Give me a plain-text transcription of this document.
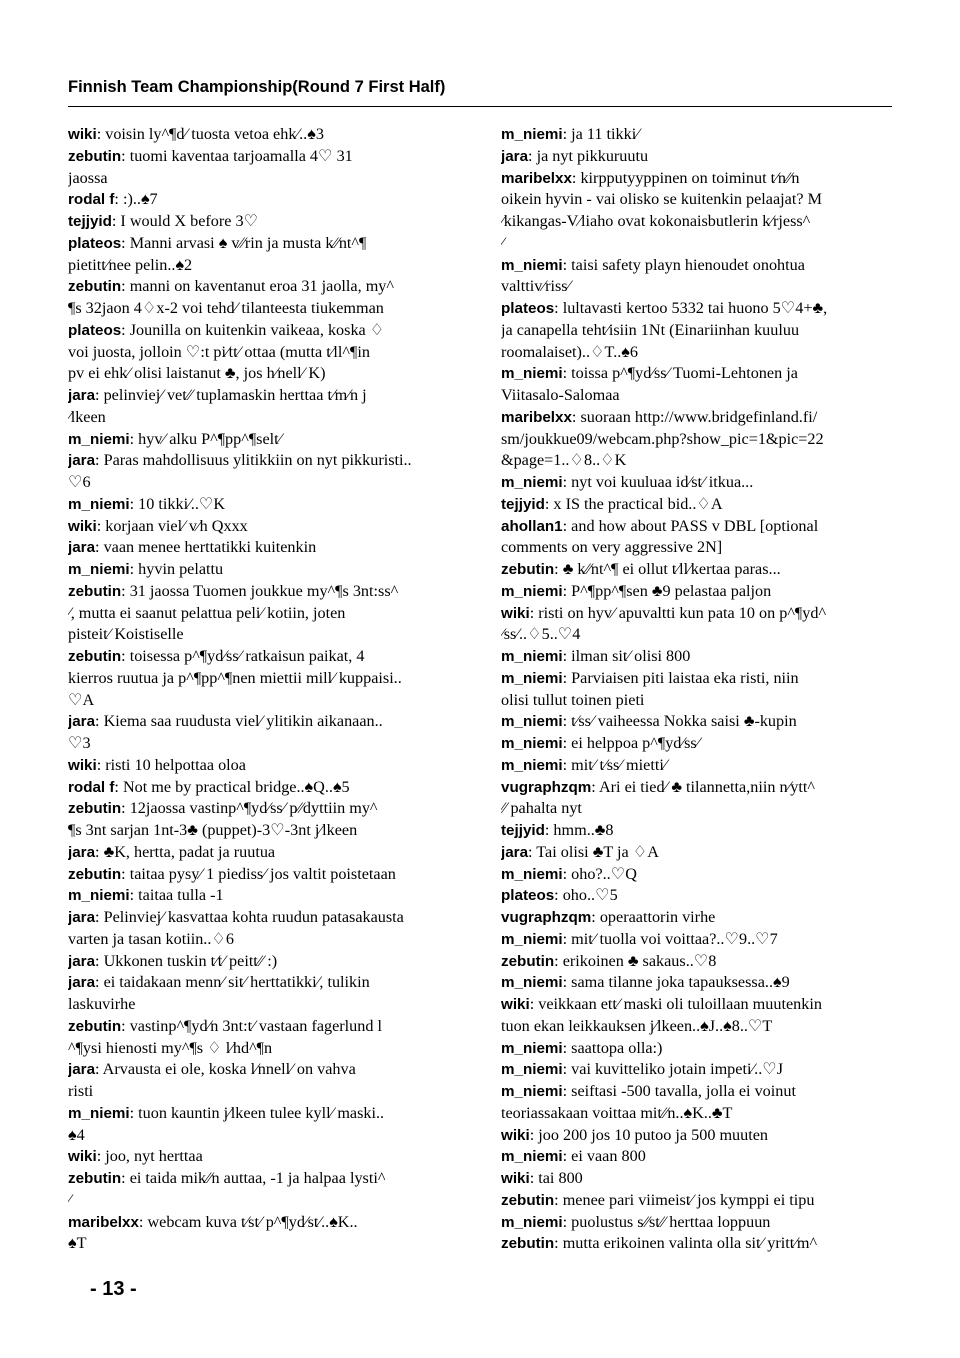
Finnish Team Championship(Round 7 First Half)
wiki: voisin ly^¶d⁄ tuosta vetoa ehk⁄..♠3
zebutin: tuomi kaventaa tarjoamalla 4♡ 31
jaossa
rodal f: :)..♠7
tejjyid: I would X before 3♡
plateos: Manni arvasi ♠ v⁄⁄rin ja musta k⁄⁄nt^¶
pietitt⁄nee pelin..♠2
zebutin: manni on kaventanut eroa 31 jaolla, my^
¶s 32jaon 4♢x-2 voi tehd⁄ tilanteesta tiukemman
plateos: Jounilla on kuitenkin vaikeaa, koska ♢
voi juosta, jolloin ♡:t pi⁄tt⁄ ottaa (mutta t⁄ll^¶in
pv ei ehk⁄ olisi laistanut ♣, jos h⁄nell⁄ K)
jara: pelinviej⁄ vet⁄⁄ tuplamaskin herttaa t⁄m⁄n j
⁄lkeen
m_niemi: hyv⁄ alku P^¶pp^¶selt⁄
jara: Paras mahdollisuus ylitikkiin on nyt pikkuristi..
♡6
m_niemi: 10 tikki⁄..♡K
wiki: korjaan viel⁄ v⁄h Qxxx
jara: vaan menee herttatikki kuitenkin
m_niemi: hyvin pelattu
zebutin: 31 jaossa Tuomen joukkue my^¶s 3nt:ss^
⁄, mutta ei saanut pelattua peli⁄ kotiin, joten
pisteit⁄ Koistiselle
zebutin: toisessa p^¶yd⁄ss⁄ ratkaisun paikat, 4
kierros ruutua ja p^¶pp^¶nen miettii mill⁄ kuppaisi..
♡A
jara: Kiema saa ruudusta viel⁄ ylitikin aikanaan..
♡3
wiki: risti 10 helpottaa oloa
rodal f: Not me by practical bridge..♠Q..♠5
zebutin: 12jaossa vastinp^¶yd⁄ss⁄ p⁄⁄dyttiin my^
¶s 3nt sarjan 1nt-3♣ (puppet)-3♡-3nt j⁄lkeen
jara: ♣K, hertta, padat ja ruutua
zebutin: taitaa pysy⁄ 1 piediss⁄ jos valtit poistetaan
m_niemi: taitaa tulla -1
jara: Pelinviej⁄ kasvattaa kohta ruudun patasakausta
varten ja tasan kotiin..♢6
jara: Ukkonen tuskin t⁄t⁄ peitt⁄⁄ :)
jara: ei taidakaan menn⁄ sit⁄ herttatikki⁄, tulikin
laskuvirhe
zebutin: vastinp^¶yd⁄n 3nt:t⁄ vastaan fagerlund l
^¶ysi hienosti my^¶s ♢ l⁄hd^¶n
jara: Arvausta ei ole, koska l⁄nnell⁄ on vahva
risti
m_niemi: tuon kauntin j⁄lkeen tulee kyll⁄ maski..
♠4
wiki: joo, nyt herttaa
zebutin: ei taida mik⁄⁄n auttaa, -1 ja halpaa lysti^
⁄
maribelxx: webcam kuva t⁄st⁄ p^¶yd⁄st⁄..♠K..
♠T
m_niemi: ja 11 tikki⁄
jara: ja nyt pikkuruutu
maribelxx: kirpputyyppinen on toiminut t⁄n⁄⁄n
oikein hyvin - vai olisko se kuitenkin pelaajat? M
⁄kikangas-V⁄liaho ovat kokonaisbutlerin k⁄rjess^
⁄
m_niemi: taisi safety playn hienoudet onohtua
valttiv⁄riss⁄
plateos: lultavasti kertoo 5332 tai huono 5♡4+♣,
ja canapella teht⁄isiin 1Nt (Einariinhan kuuluu
roomalaiset)..♢T..♠6
m_niemi: toissa p^¶yd⁄ss⁄ Tuomi-Lehtonen ja
Viitasalo-Salomaa
maribelxx: suoraan http://www.bridgefinland.fi/
sm/joukkue09/webcam.php?show_pic=1&pic=22
&page=1..♢8..♢K
m_niemi: nyt voi kuuluaa id⁄st⁄ itkua...
tejjyid: x IS the practical bid..♢A
ahollan1: and how about PASS v DBL [optional
comments on very aggressive 2N]
zebutin: ♣ k⁄⁄nt^¶ ei ollut t⁄ll⁄kertaa paras...
m_niemi: P^¶pp^¶sen ♣9 pelastaa paljon
wiki: risti on hyv⁄ apuvaltti kun pata 10 on p^¶yd^
⁄ss⁄..♢5..♡4
m_niemi: ilman sit⁄ olisi 800
m_niemi: Parviaisen piti laistaa eka risti, niin
olisi tullut toinen pieti
m_niemi: t⁄ss⁄ vaiheessa Nokka saisi ♣-kupin
m_niemi: ei helppoa p^¶yd⁄ss⁄
m_niemi: mit⁄ t⁄ss⁄ mietti⁄
vugraphzqm: Ari ei tied⁄ ♣ tilannetta,niin n⁄ytt^
⁄⁄ pahalta nyt
tejjyid: hmm..♣8
jara: Tai olisi ♣T ja ♢A
m_niemi: oho?..♡Q
plateos: oho..♡5
vugraphzqm: operaattorin virhe
m_niemi: mit⁄ tuolla voi voittaa?..♡9..♡7
zebutin: erikoinen ♣ sakaus..♡8
m_niemi: sama tilanne joka tapauksessa..♠9
wiki: veikkaan ett⁄ maski oli tuloillaan muutenkin
tuon ekan leikkauksen j⁄lkeen..♠J..♠8..♡T
m_niemi: saattopa olla:)
m_niemi: vai kuvitteliko jotain impeti⁄..♡J
m_niemi: seiftasi -500 tavalla, jolla ei voinut
teoriassakaan voittaa mit⁄⁄n..♠K..♣T
wiki: joo 200 jos 10 putoo ja 500 muuten
m_niemi: ei vaan 800
wiki: tai 800
zebutin: menee pari viimeist⁄ jos kymppi ei tipu
m_niemi: puolustus s⁄⁄st⁄⁄ herttaa loppuun
zebutin: mutta erikoinen valinta olla sit⁄ yritt⁄m^
- 13 -
